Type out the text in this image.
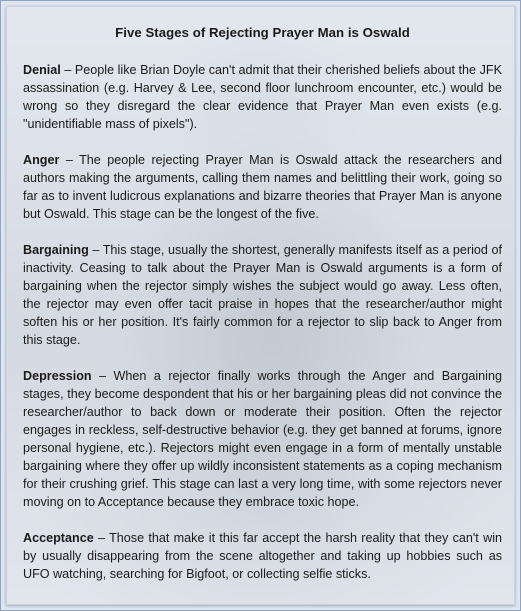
Five Stages of Rejecting Prayer Man is Oswald

Denial – People like Brian Doyle can't admit that their cherished beliefs about the JFK assassination (e.g. Harvey & Lee, second floor lunchroom encounter, etc.) would be wrong so they disregard the clear evidence that Prayer Man even exists (e.g. "unidentifiable mass of pixels").

Anger – The people rejecting Prayer Man is Oswald attack the researchers and authors making the arguments, calling them names and belittling their work, going so far as to invent ludicrous explanations and bizarre theories that Prayer Man is anyone but Oswald. This stage can be the longest of the five.

Bargaining – This stage, usually the shortest, generally manifests itself as a period of inactivity. Ceasing to talk about the Prayer Man is Oswald arguments is a form of bargaining when the rejector simply wishes the subject would go away. Less often, the rejector may even offer tacit praise in hopes that the researcher/author might soften his or her position. It's fairly common for a rejector to slip back to Anger from this stage.

Depression – When a rejector finally works through the Anger and Bargaining stages, they become despondent that his or her bargaining pleas did not convince the researcher/author to back down or moderate their position. Often the rejector engages in reckless, self-destructive behavior (e.g. they get banned at forums, ignore personal hygiene, etc.). Rejectors might even engage in a form of mentally unstable bargaining where they offer up wildly inconsistent statements as a coping mechanism for their crushing grief. This stage can last a very long time, with some rejectors never moving on to Acceptance because they embrace toxic hope.

Acceptance – Those that make it this far accept the harsh reality that they can't win by usually disappearing from the scene altogether and taking up hobbies such as UFO watching, searching for Bigfoot, or collecting selfie sticks.
